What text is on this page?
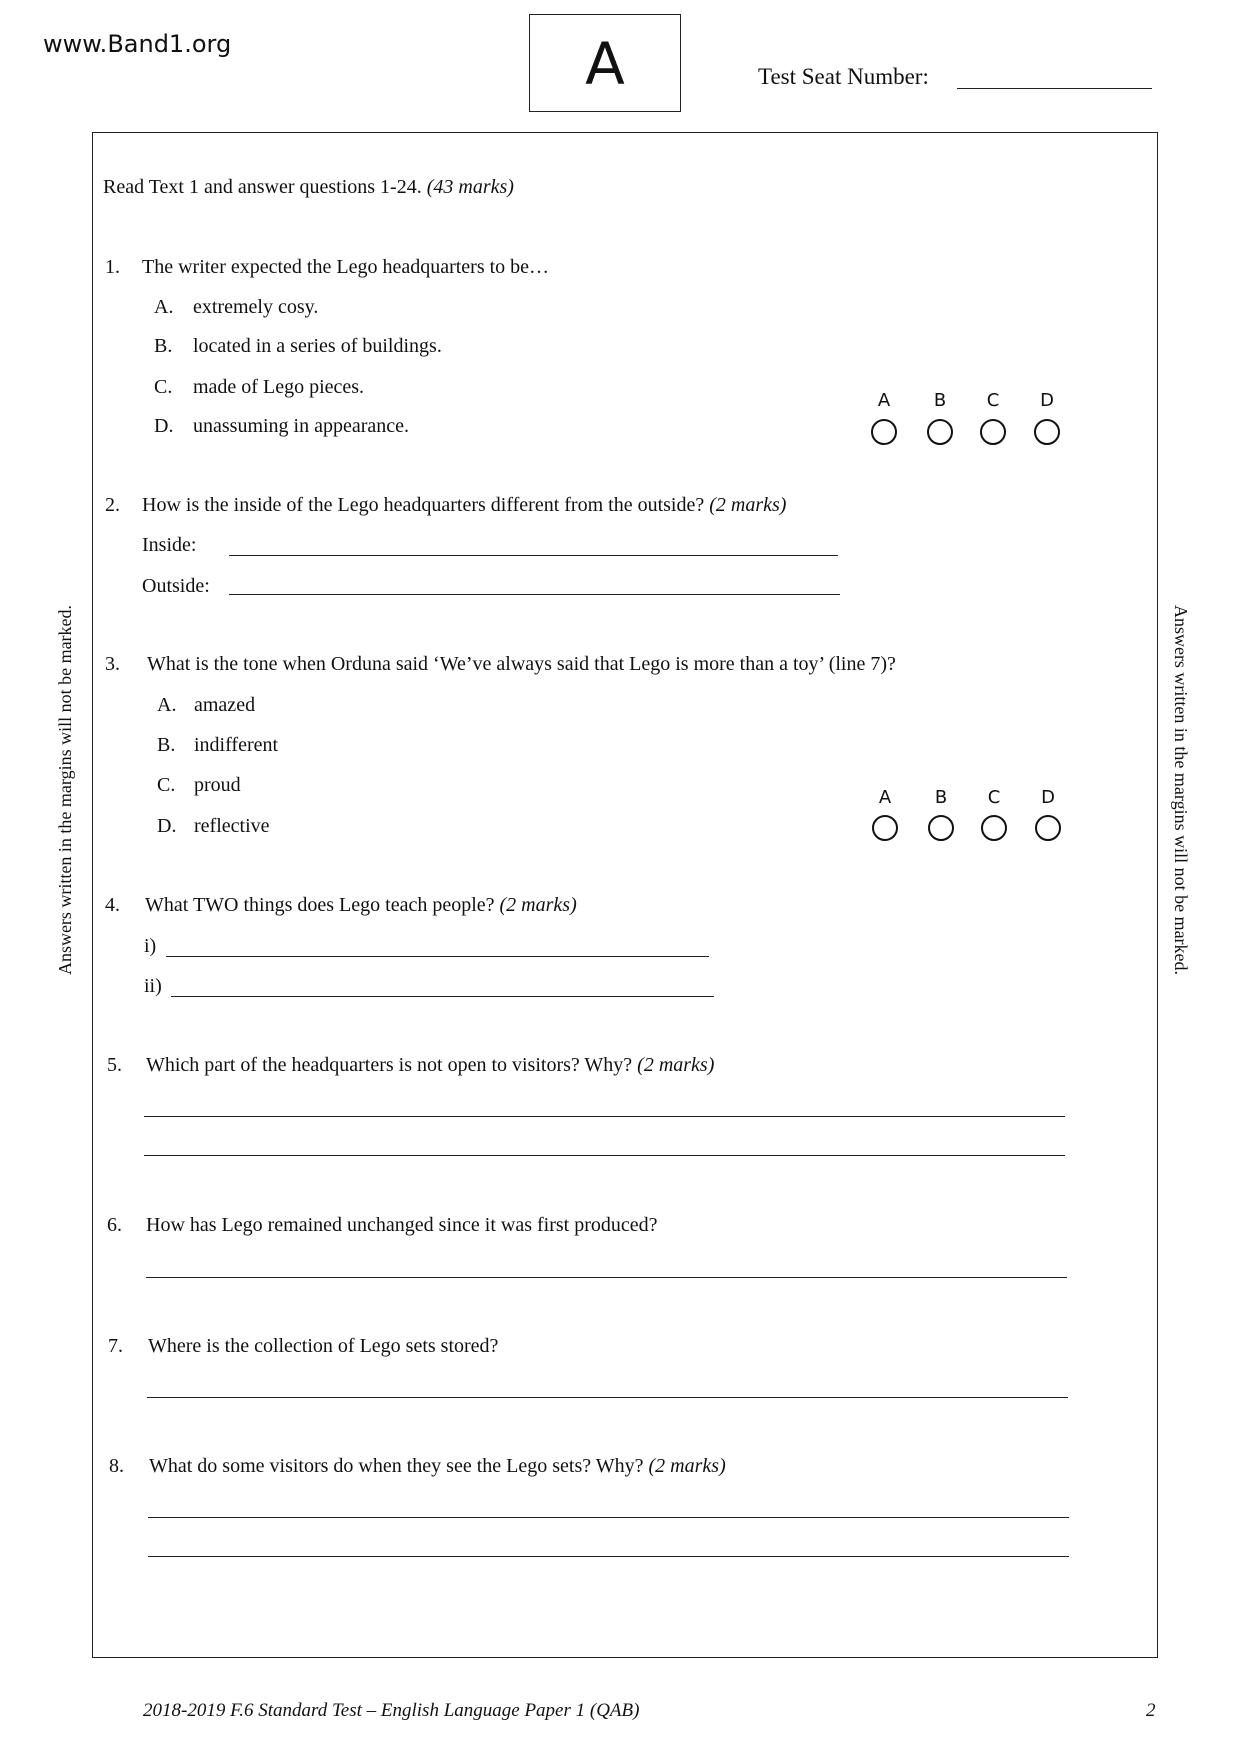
www.Band1.org	A	Test Seat Number:
Answers written in the margins will not be marked.	Answers written in the margins will not be marked.
Read Text 1 and answer questions 1-24. (43 marks)
1. The writer expected the Lego headquarters to be…
A. extremely cosy.
B. located in a series of buildings.
C. made of Lego pieces.
D. unassuming in appearance.
A	B	C	D
2. How is the inside of the Lego headquarters different from the outside? (2 marks)
Inside:
Outside:
3. What is the tone when Orduna said ‘We’ve always said that Lego is more than a toy’ (line 7)?
A. amazed
B. indifferent
C. proud
D. reflective
A	B	C	D
4. What TWO things does Lego teach people? (2 marks)
i)
ii)
5. Which part of the headquarters is not open to visitors? Why? (2 marks)
6. How has Lego remained unchanged since it was first produced?
7. Where is the collection of Lego sets stored?
8. What do some visitors do when they see the Lego sets? Why? (2 marks)
2018-2019 F.6 Standard Test – English Language Paper 1 (QAB)	2
